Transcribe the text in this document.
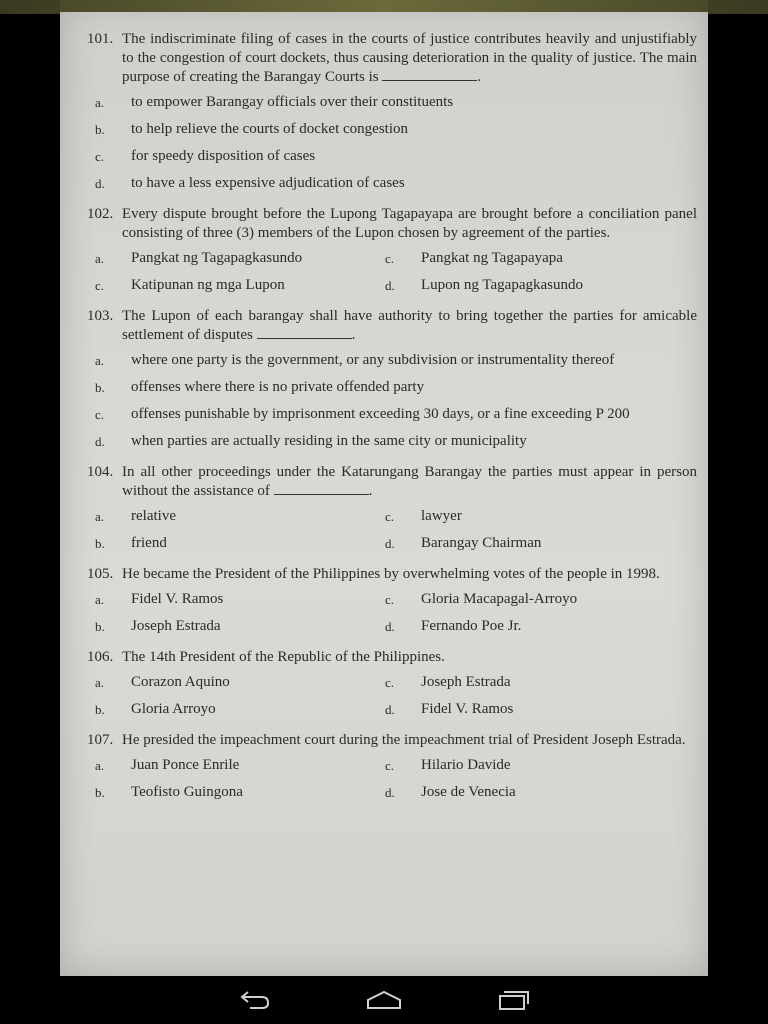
101. The indiscriminate filing of cases in the courts of justice contributes heavily and unjustifiably to the congestion of court dockets, thus causing deterioration in the quality of justice. The main purpose of creating the Barangay Courts is	.
a.	to empower Barangay officials over their constituents
b.	to help relieve the courts of docket congestion
c.	for speedy disposition of cases
d.	to have a less expensive adjudication of cases
102. Every dispute brought before the Lupong Tagapayapa are brought before a conciliation panel consisting of three (3) members of the Lupon chosen by agreement of the parties.
a.	Pangkat ng Tagapagkasundo	c.	Pangkat ng Tagapayapa
c.	Katipunan ng mga Lupon	d.	Lupon ng Tagapagkasundo
103. The Lupon of each barangay shall have authority to bring together the parties for amicable settlement of disputes	.
a.	where one party is the government, or any subdivision or instrumentality thereof
b.	offenses where there is no private offended party
c.	offenses punishable by imprisonment exceeding 30 days, or a fine exceeding P 200
d.	when parties are actually residing in the same city or municipality
104. In all other proceedings under the Katarungang Barangay the parties must appear in person without the assistance of	.
a.	relative	c.	lawyer
b.	friend	d.	Barangay Chairman
105. He became the President of the Philippines by overwhelming votes of the people in 1998.
a.	Fidel V. Ramos	c.	Gloria Macapagal-Arroyo
b.	Joseph Estrada	d.	Fernando Poe Jr.
106. The 14th President of the Republic of the Philippines.
a.	Corazon Aquino	c.	Joseph Estrada
b.	Gloria Arroyo	d.	Fidel V. Ramos
107. He presided the impeachment court during the impeachment trial of President Joseph Estrada.
a.	Juan Ponce Enrile	c.	Hilario Davide
b.	Teofisto Guingona	d.	Jose de Venecia
